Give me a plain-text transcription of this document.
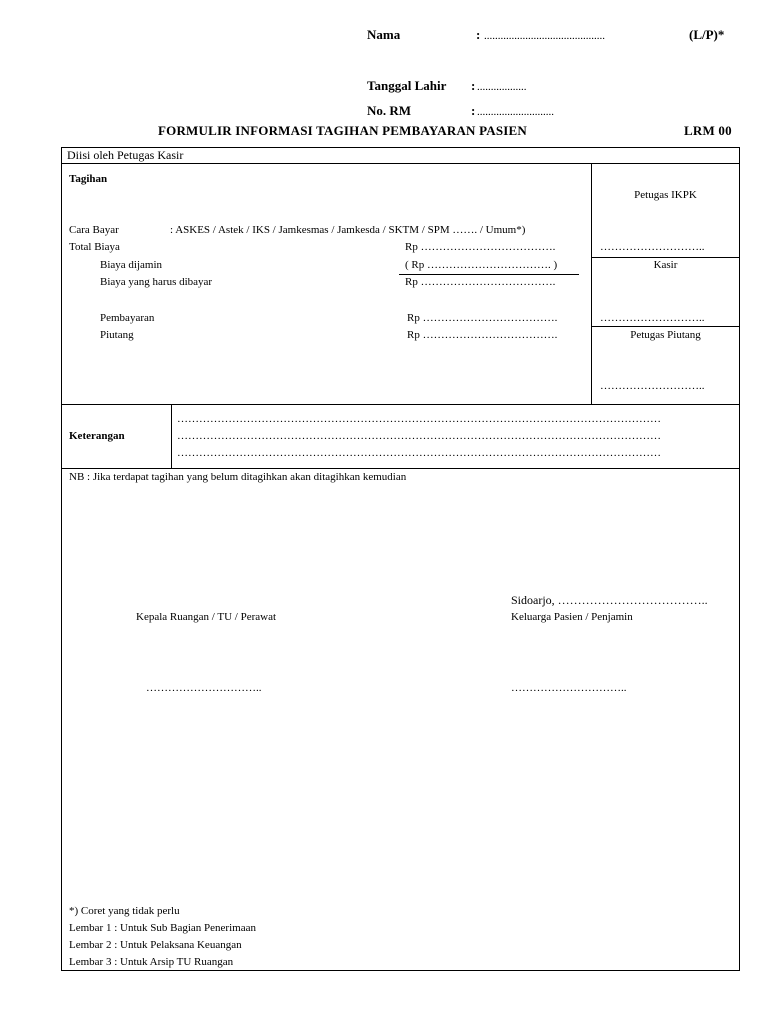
Nama	: ............................................	(L/P)*
Tanggal Lahir : ..................
No. RM	: ............................
FORMULIR INFORMASI TAGIHAN PEMBAYARAN PASIEN	LRM 00
Diisi oleh Petugas Kasir
Tagihan
Cara Bayar	: ASKES / Astek / IKS / Jamkesmas / Jamkesda / SKTM / SPM ……. / Umum*)
Total Biaya	Rp ……………………………….
Biaya dijamin	( Rp ……………………………. )
Biaya yang harus dibayar	Rp ……………………………….
Pembayaran	Rp ……………………………….
Piutang	Rp ……………………………….
Petugas IKPK
………………………..
Kasir
………………………..
Petugas Piutang
………………………..
Keterangan
……………………………………………………………………………………………………………………
……………………………………………………………………………………………………………………
……………………………………………………………………………………………………………………
NB : Jika terdapat tagihan yang belum ditagihkan akan ditagihkan kemudian
Sidoarjo, ………………………………..
Kepala Ruangan / TU / Perawat	Keluarga Pasien / Penjamin
…………………………..	…………………………..
*) Coret yang tidak perlu
Lembar 1 : Untuk Sub Bagian Penerimaan
Lembar 2 : Untuk Pelaksana Keuangan
Lembar 3 : Untuk Arsip TU Ruangan
